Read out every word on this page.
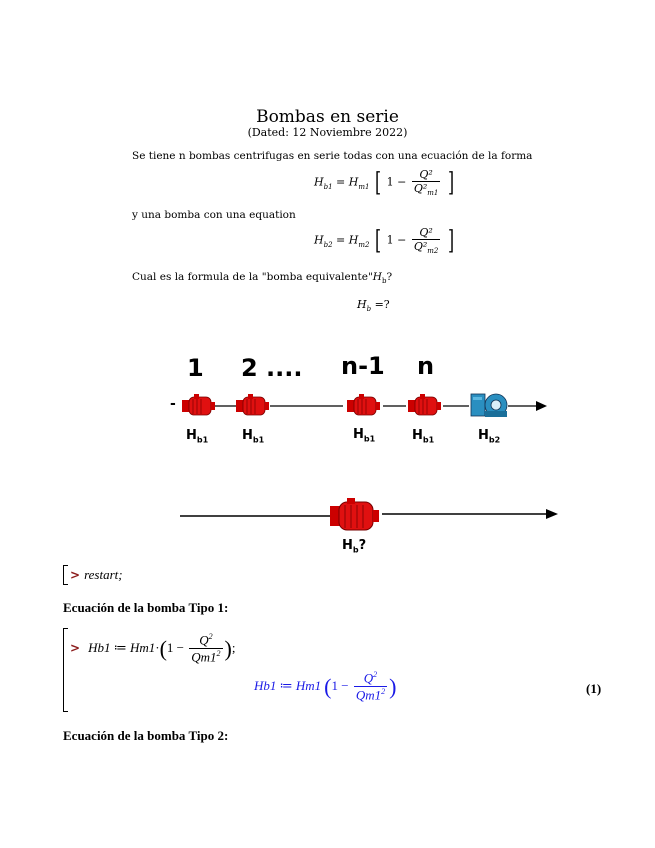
Bombas en serie
(Dated: 12 Noviembre 2022)
Se tiene n bombas centrifugas en serie todas con una ecuación de la forma
$H_{b1} = H_{m1}$ [ $1 - \frac{\text{Q²}}{Q^2_{m1}}$ ]
y una bomba con una equation
$H_{b2} = H_{m2}$ [ $1 - \frac{\text{Q²}}{Q^2_{m2}}$ ]
Cual es la formula de la "bomba $equivalente"H_b$?
$H_b$ =?
1 2 .... n-1 n
-
$H_{b1}$	$H_{b1}$	$H_{b1}$	$H_{b1}$	$H_{b2}$
$H_b$?
> restart;
Ecuación de la bomba Tipo 1:
> Hb1 ≔ $Hm1\cdot(1 - \frac{Q^2}{Qm1^2}$ );
Hb1 ≔ Hm1 ($1 - \frac{Q^2}{Qm1^2}$ )	(1)
Ecuación de la bomba Tipo 2:
